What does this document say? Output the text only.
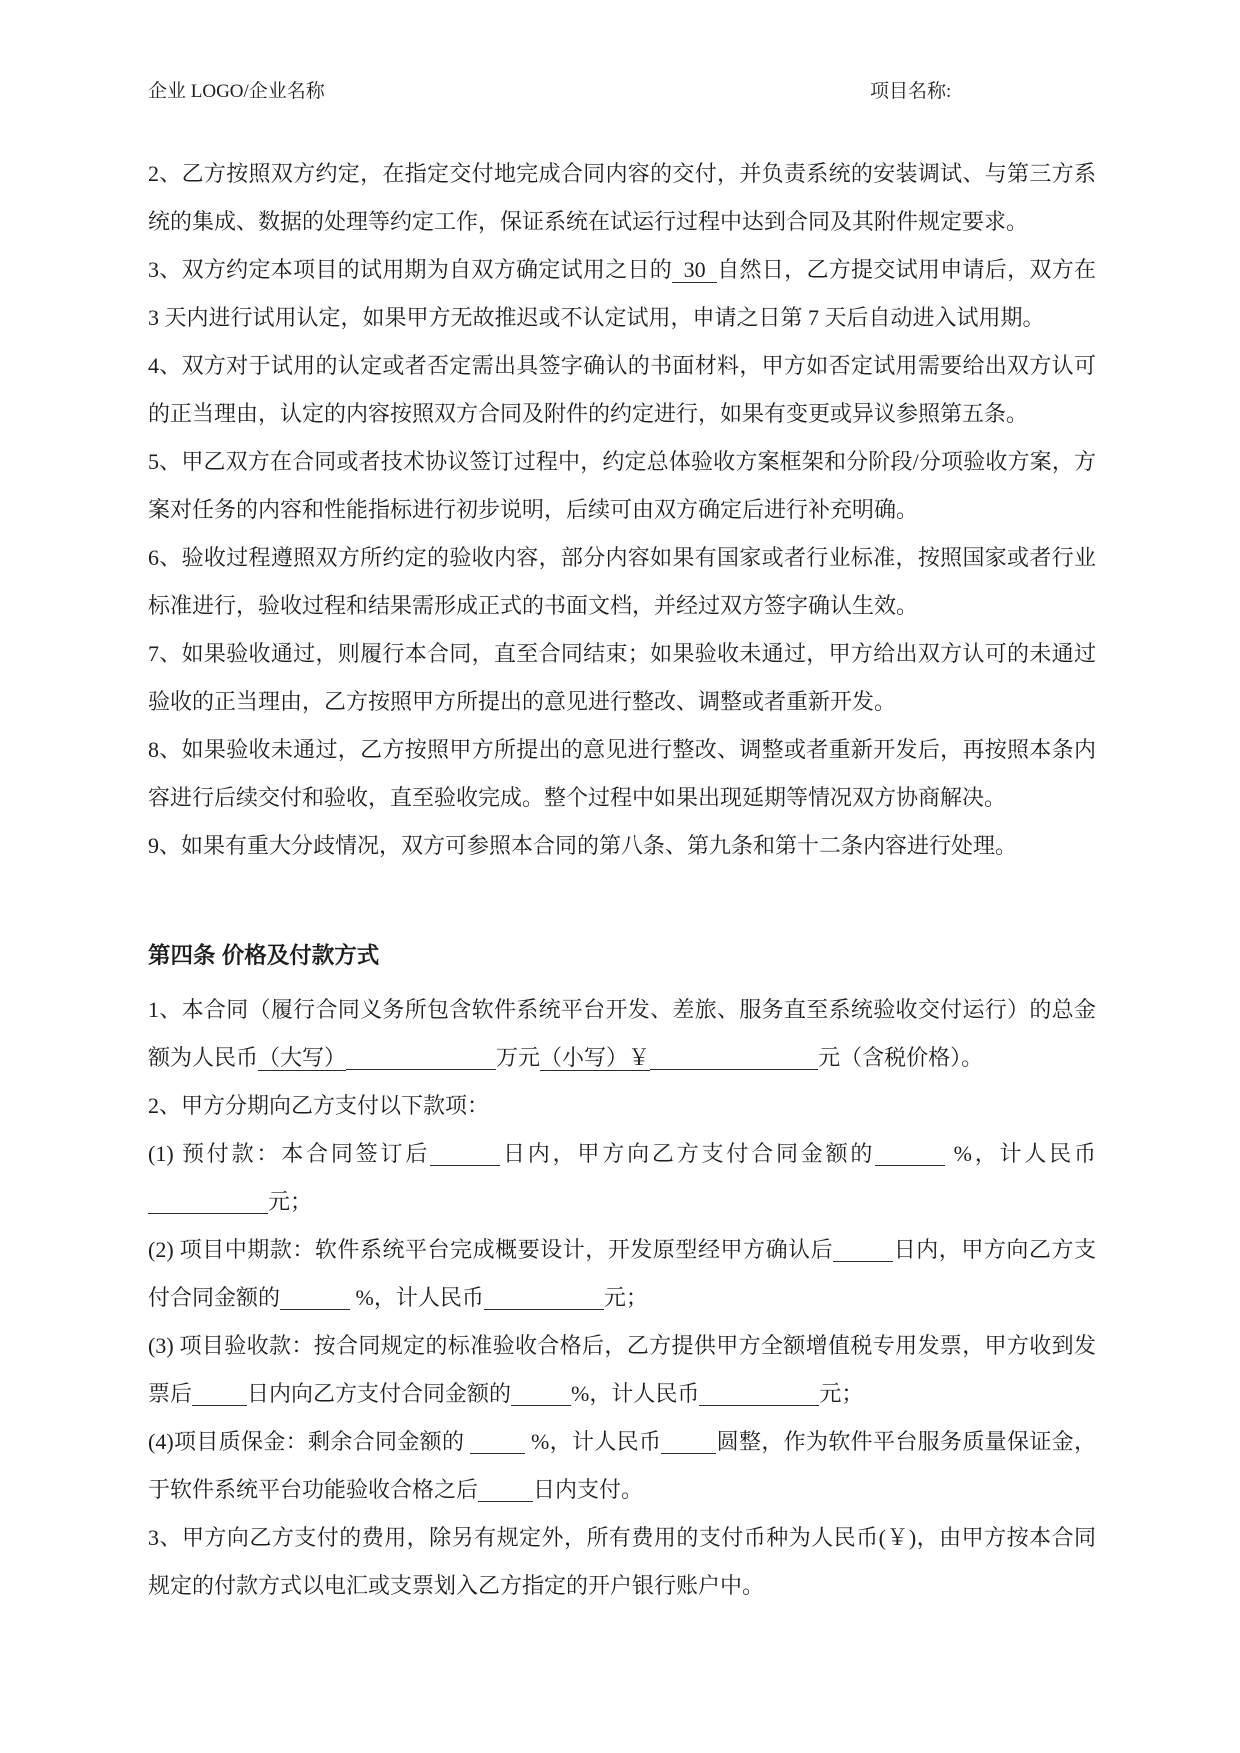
企业 LOGO/企业名称	项目名称:

2、乙方按照双方约定，在指定交付地完成合同内容的交付，并负责系统的安装调试、与第三方系统的集成、数据的处理等约定工作，保证系统在试运行过程中达到合同及其附件规定要求。

3、双方约定本项目的试用期为自双方确定试用之日的  30  自然日，乙方提交试用申请后，双方在 3 天内进行试用认定，如果甲方无故推迟或不认定试用，申请之日第 7 天后自动进入试用期。

4、双方对于试用的认定或者否定需出具签字确认的书面材料，甲方如否定试用需要给出双方认可的正当理由，认定的内容按照双方合同及附件的约定进行，如果有变更或异议参照第五条。

5、甲乙双方在合同或者技术协议签订过程中，约定总体验收方案框架和分阶段/分项验收方案，方案对任务的内容和性能指标进行初步说明，后续可由双方确定后进行补充明确。

6、验收过程遵照双方所约定的验收内容，部分内容如果有国家或者行业标准，按照国家或者行业标准进行，验收过程和结果需形成正式的书面文档，并经过双方签字确认生效。

7、如果验收通过，则履行本合同，直至合同结束；如果验收未通过，甲方给出双方认可的未通过验收的正当理由，乙方按照甲方所提出的意见进行整改、调整或者重新开发。

8、如果验收未通过，乙方按照甲方所提出的意见进行整改、调整或者重新开发后，再按照本条内容进行后续交付和验收，直至验收完成。整个过程中如果出现延期等情况双方协商解决。

9、如果有重大分歧情况，双方可参照本合同的第八条、第九条和第十二条内容进行处理。

第四条 价格及付款方式

1、本合同（履行合同义务所包含软件系统平台开发、差旅、服务直至系统验收交付运行）的总金额为人民币（大写）	万元（小写）￥	元（含税价格）。

2、甲方分期向乙方支付以下款项：

(1) 预付款：本合同签订后	日内，甲方向乙方支付合同金额的	%，计人民币 元；

(2) 项目中期款：软件系统平台完成概要设计，开发原型经甲方确认后	日内，甲方向乙方支付合同金额的	%，计人民币	元；

(3) 项目验收款：按合同规定的标准验收合格后，乙方提供甲方全额增值税专用发票，甲方收到发票后	日内向乙方支付合同金额的	%，计人民币	元；

(4)项目质保金：剩余合同金额的	%，计人民币	圆整，作为软件平台服务质量保证金，于软件系统平台功能验收合格之后	日内支付。

3、甲方向乙方支付的费用，除另有规定外，所有费用的支付币种为人民币(￥)，由甲方按本合同规定的付款方式以电汇或支票划入乙方指定的开户银行账户中。
